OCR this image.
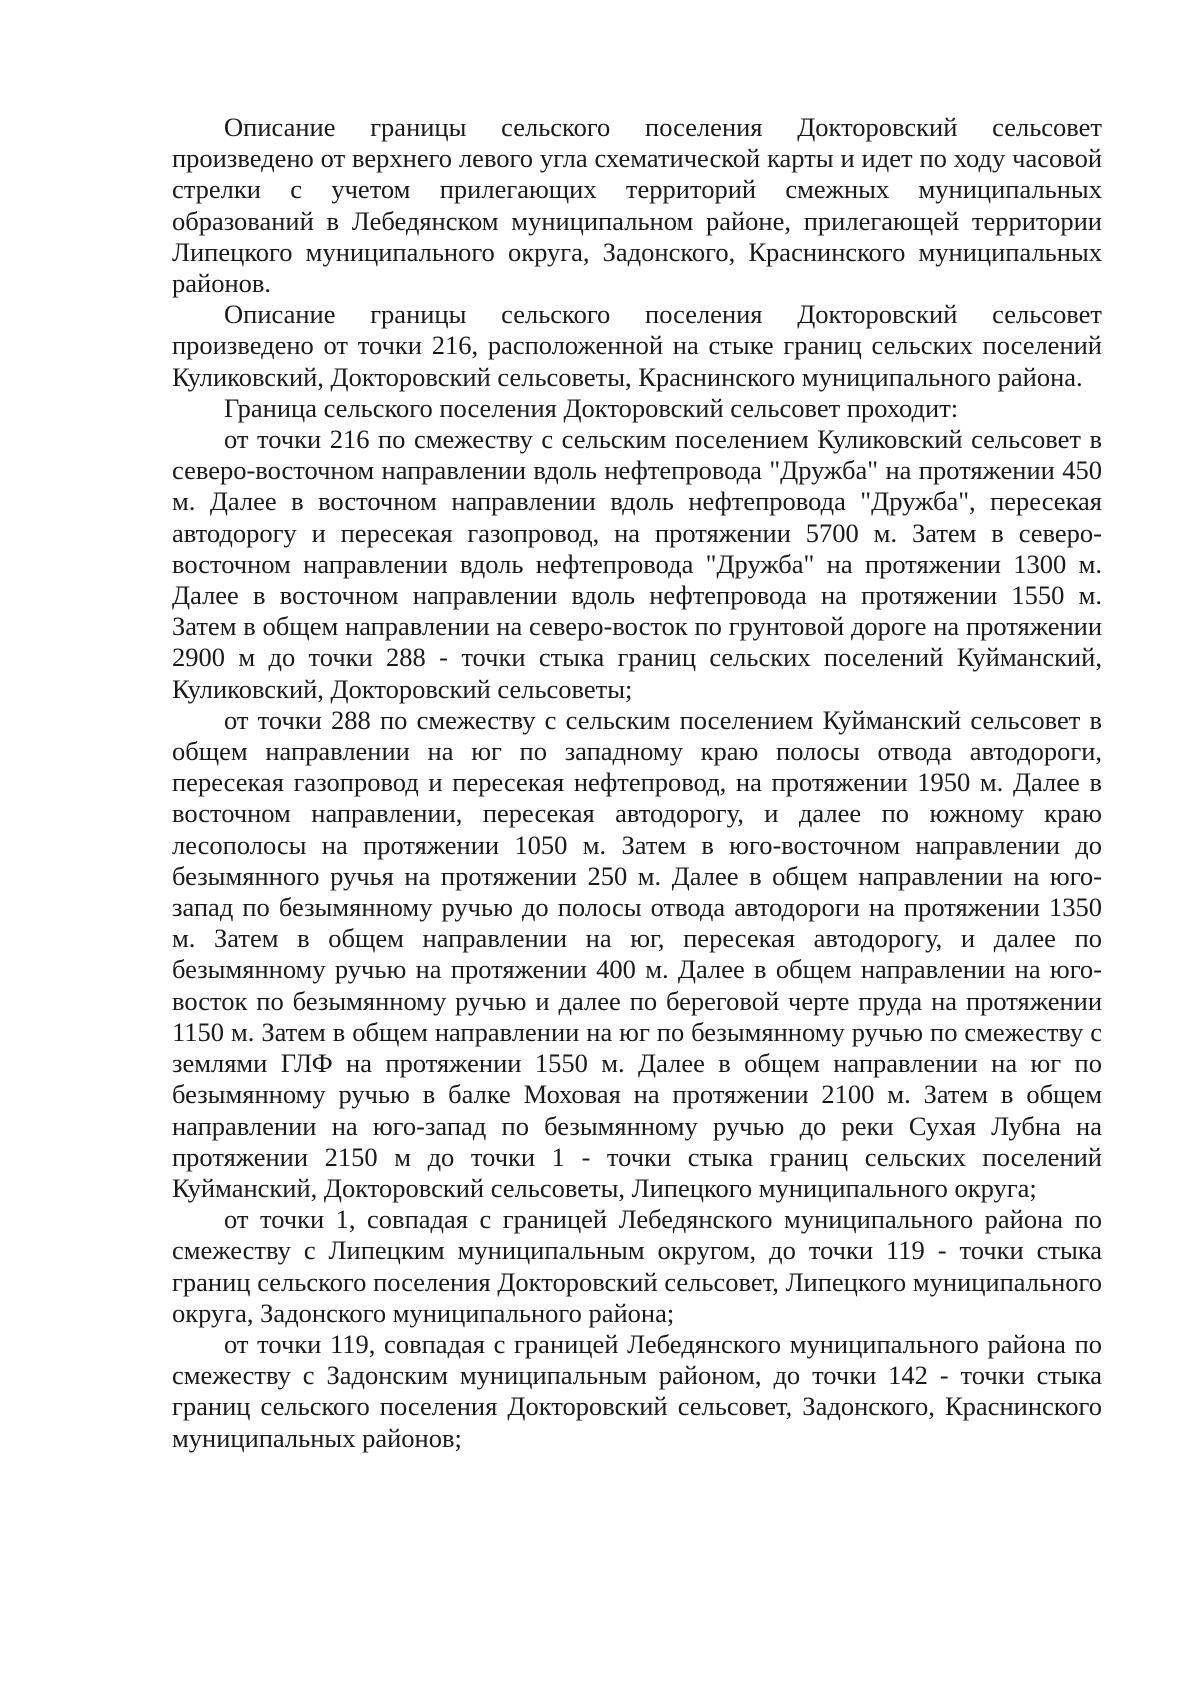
Описание границы сельского поселения Докторовский сельсовет произведено от верхнего левого угла схематической карты и идет по ходу часовой стрелки с учетом прилегающих территорий смежных муниципальных образований в Лебедянском муниципальном районе, прилегающей территории Липецкого муниципального округа, Задонского, Краснинского муниципальных районов.

Описание границы сельского поселения Докторовский сельсовет произведено от точки 216, расположенной на стыке границ сельских поселений Куликовский, Докторовский сельсоветы, Краснинского муниципального района.

Граница сельского поселения Докторовский сельсовет проходит:

от точки 216 по смежеству с сельским поселением Куликовский сельсовет в северо-восточном направлении вдоль нефтепровода "Дружба" на протяжении 450 м. Далее в восточном направлении вдоль нефтепровода "Дружба", пересекая автодорогу и пересекая газопровод, на протяжении 5700 м. Затем в северо-восточном направлении вдоль нефтепровода "Дружба" на протяжении 1300 м. Далее в восточном направлении вдоль нефтепровода на протяжении 1550 м. Затем в общем направлении на северо-восток по грунтовой дороге на протяжении 2900 м до точки 288 - точки стыка границ сельских поселений Куйманский, Куликовский, Докторовский сельсоветы;

от точки 288 по смежеству с сельским поселением Куйманский сельсовет в общем направлении на юг по западному краю полосы отвода автодороги, пересекая газопровод и пересекая нефтепровод, на протяжении 1950 м. Далее в восточном направлении, пересекая автодорогу, и далее по южному краю лесополосы на протяжении 1050 м. Затем в юго-восточном направлении до безымянного ручья на протяжении 250 м. Далее в общем направлении на юго-запад по безымянному ручью до полосы отвода автодороги на протяжении 1350 м. Затем в общем направлении на юг, пересекая автодорогу, и далее по безымянному ручью на протяжении 400 м. Далее в общем направлении на юго-восток по безымянному ручью и далее по береговой черте пруда на протяжении 1150 м. Затем в общем направлении на юг по безымянному ручью по смежеству с землями ГЛФ на протяжении 1550 м. Далее в общем направлении на юг по безымянному ручью в балке Моховая на протяжении 2100 м. Затем в общем направлении на юго-запад по безымянному ручью до реки Сухая Лубна на протяжении 2150 м до точки 1 - точки стыка границ сельских поселений Куйманский, Докторовский сельсоветы, Липецкого муниципального округа;

от точки 1, совпадая с границей Лебедянского муниципального района по смежеству с Липецким муниципальным округом, до точки 119 - точки стыка границ сельского поселения Докторовский сельсовет, Липецкого муниципального округа, Задонского муниципального района;

от точки 119, совпадая с границей Лебедянского муниципального района по смежеству с Задонским муниципальным районом, до точки 142 - точки стыка границ сельского поселения Докторовский сельсовет, Задонского, Краснинского муниципальных районов;
